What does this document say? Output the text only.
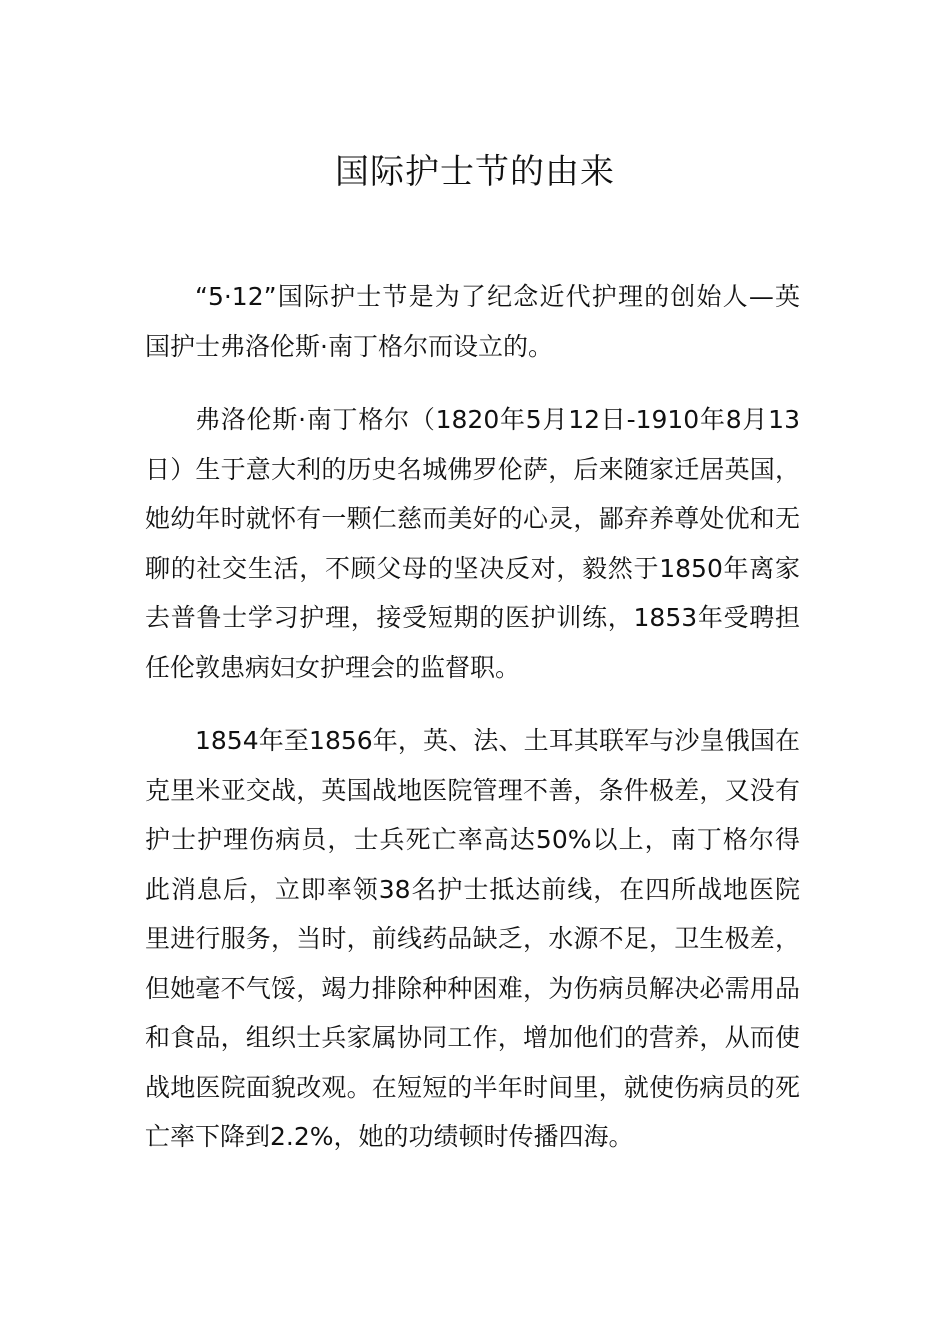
国际护士节的由来

“5·12”国际护士节是为了纪念近代护理的创始人—英国护士弗洛伦斯·南丁格尔而设立的。

弗洛伦斯·南丁格尔（1820年5月12日-1910年8月13日）生于意大利的历史名城佛罗伦萨，后来随家迁居英国，她幼年时就怀有一颗仁慈而美好的心灵，鄙弃养尊处优和无聊的社交生活，不顾父母的坚决反对，毅然于1850年离家去普鲁士学习护理，接受短期的医护训练，1853年受聘担任伦敦患病妇女护理会的监督职。

1854年至1856年，英、法、土耳其联军与沙皇俄国在克里米亚交战，英国战地医院管理不善，条件极差，又没有护士护理伤病员，士兵死亡率高达50%以上，南丁格尔得此消息后，立即率领38名护士抵达前线，在四所战地医院里进行服务，当时，前线药品缺乏，水源不足，卫生极差，但她毫不气馁，竭力排除种种困难，为伤病员解决必需用品和食品，组织士兵家属协同工作，增加他们的营养，从而使战地医院面貌改观。在短短的半年时间里，就使伤病员的死亡率下降到2.2%，她的功绩顿时传播四海。
